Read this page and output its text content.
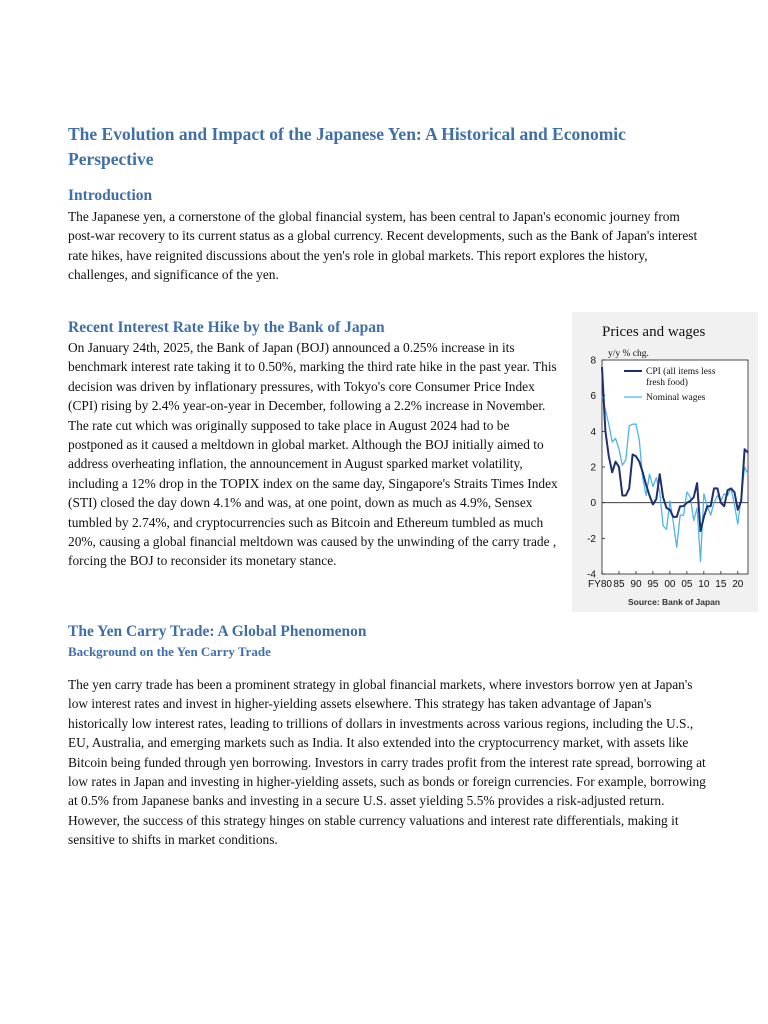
The Evolution and Impact of the Japanese Yen: A Historical and Economic Perspective
Introduction

The Japanese yen, a cornerstone of the global financial system, has been central to Japan's economic journey from post-war recovery to its current status as a global currency. Recent developments, such as the Bank of Japan's interest rate hikes, have reignited discussions about the yen's role in global markets. This report explores the history, challenges, and significance of the yen.

Recent Interest Rate Hike by the Bank of Japan

On January 24th, 2025, the Bank of Japan (BOJ) announced a 0.25% increase in its benchmark interest rate taking it to 0.50%, marking the third rate hike in the past year. This decision was driven by inflationary pressures, with Tokyo's core Consumer Price Index (CPI) rising by 2.4% year-on-year in December, following a 2.2% increase in November. The rate cut which was originally supposed to take place in August 2024 had to be postponed as it caused a meltdown in global market. Although the BOJ initially aimed to address overheating inflation, the announcement in August sparked market volatility, including a 12% drop in the TOPIX index on the same day, Singapore's Straits Times Index (STI) closed the day down 4.1% and was, at one point, down as much as 4.9%, Sensex tumbled by 2.74%, and cryptocurrencies such as Bitcoin and Ethereum tumbled as much 20%, causing a global financial meltdown was caused by the unwinding of the carry trade , forcing the BOJ to reconsider its monetary stance.

Prices and wages
y/y % chg.
Source: Bank of Japan
-4
-2
0
2
4
6
8
FY80 85 90 95 00 05 10 15 20
CPI (all items less
fresh food)
Nominal wages
The Yen Carry Trade: A Global Phenomenon
Background on the Yen Carry Trade

The yen carry trade has been a prominent strategy in global financial markets, where investors borrow yen at Japan's low interest rates and invest in higher-yielding assets elsewhere. This strategy has taken advantage of Japan's historically low interest rates, leading to trillions of dollars in investments across various regions, including the U.S., EU, Australia, and emerging markets such as India. It also extended into the cryptocurrency market, with assets like Bitcoin being funded through yen borrowing. Investors in carry trades profit from the interest rate spread, borrowing at low rates in Japan and investing in higher-yielding assets, such as bonds or foreign currencies. For example, borrowing at 0.5% from Japanese banks and investing in a secure U.S. asset yielding 5.5% provides a risk-adjusted return. However, the success of this strategy hinges on stable currency valuations and interest rate differentials, making it sensitive to shifts in market conditions.
